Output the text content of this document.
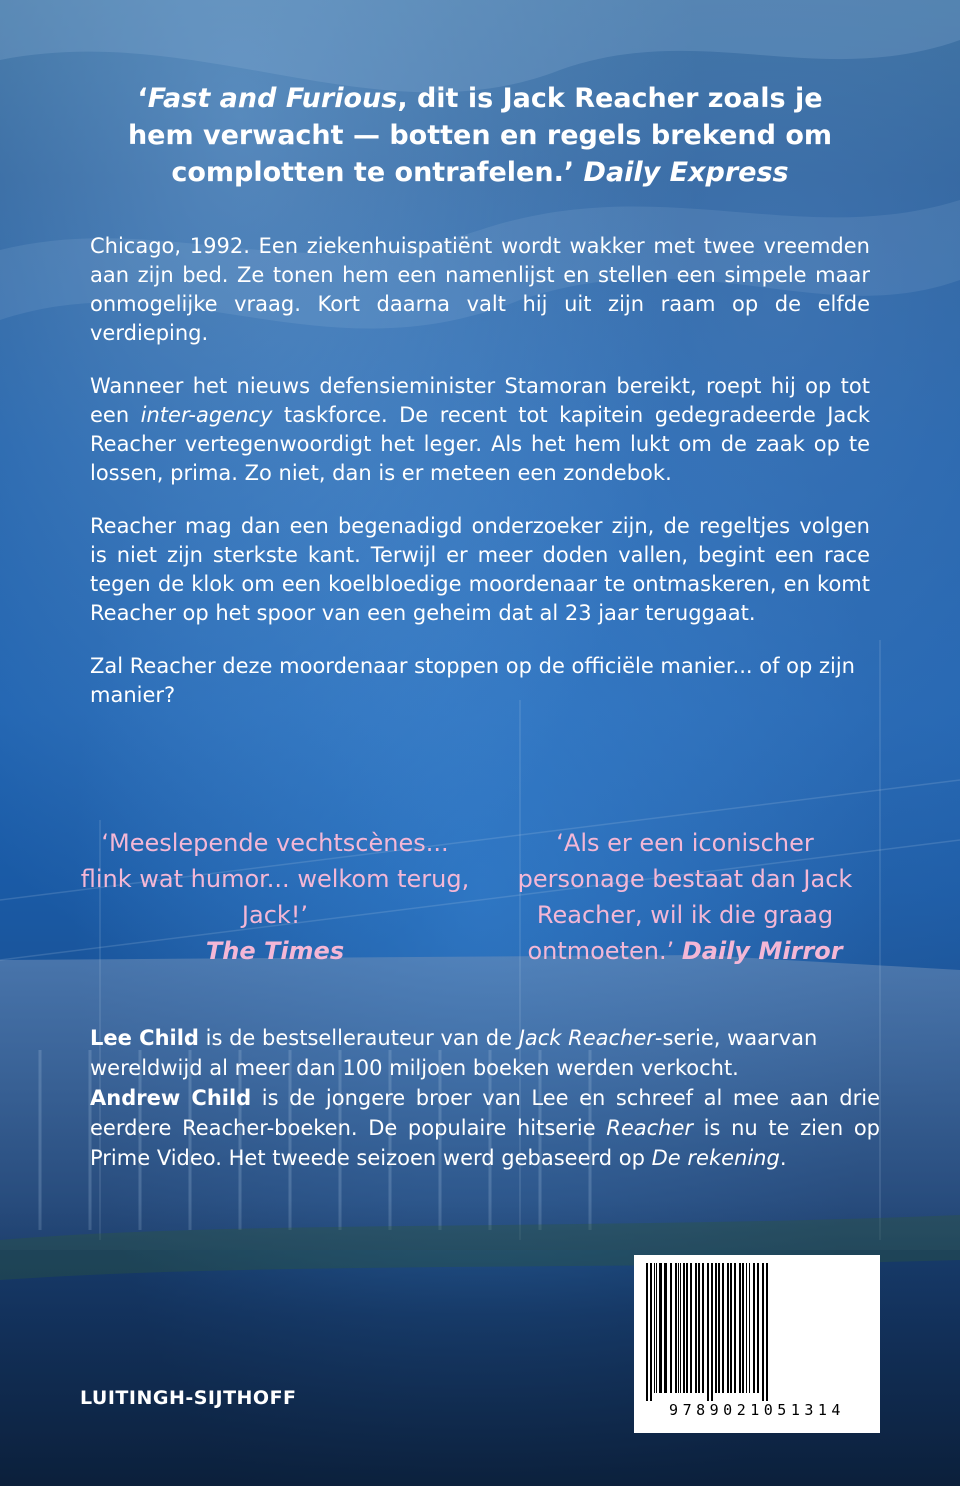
‘Fast and Furious, dit is Jack Reacher zoals je hem verwacht — botten en regels brekend om complotten te ontrafelen.’ Daily Express

Chicago, 1992. Een ziekenhuispatiënt wordt wakker met twee vreemden aan zijn bed. Ze tonen hem een namenlijst en stellen een simpele maar onmogelijke vraag. Kort daarna valt hij uit zijn raam op de elfde verdieping.

Wanneer het nieuws defensieminister Stamoran bereikt, roept hij op tot een inter-agency taskforce. De recent tot kapitein gedegradeerde Jack Reacher vertegenwoordigt het leger. Als het hem lukt om de zaak op te lossen, prima. Zo niet, dan is er meteen een zondebok.

Reacher mag dan een begenadigd onderzoeker zijn, de regeltjes volgen is niet zijn sterkste kant. Terwijl er meer doden vallen, begint een race tegen de klok om een koelbloedige moordenaar te ontmaskeren, en komt Reacher op het spoor van een geheim dat al 23 jaar teruggaat.

Zal Reacher deze moordenaar stoppen op de officiële manier... of op zijn manier?

‘Meeslepende vechtscènes... flink wat humor... welkom terug, Jack!’
The Times
‘Als er een iconischer personage bestaat dan Jack Reacher, wil ik die graag ontmoeten.’ Daily Mirror

Lee Child is de bestsellerauteur van de Jack Reacher-serie, waarvan wereldwijd al meer dan 100 miljoen boeken werden verkocht.

Andrew Child is de jongere broer van Lee en schreef al mee aan drie eerdere Reacher-boeken. De populaire hitserie Reacher is nu te zien op Prime Video. Het tweede seizoen werd gebaseerd op De rekening.

LUITINGH-SIJTHOFF

9789021051314
